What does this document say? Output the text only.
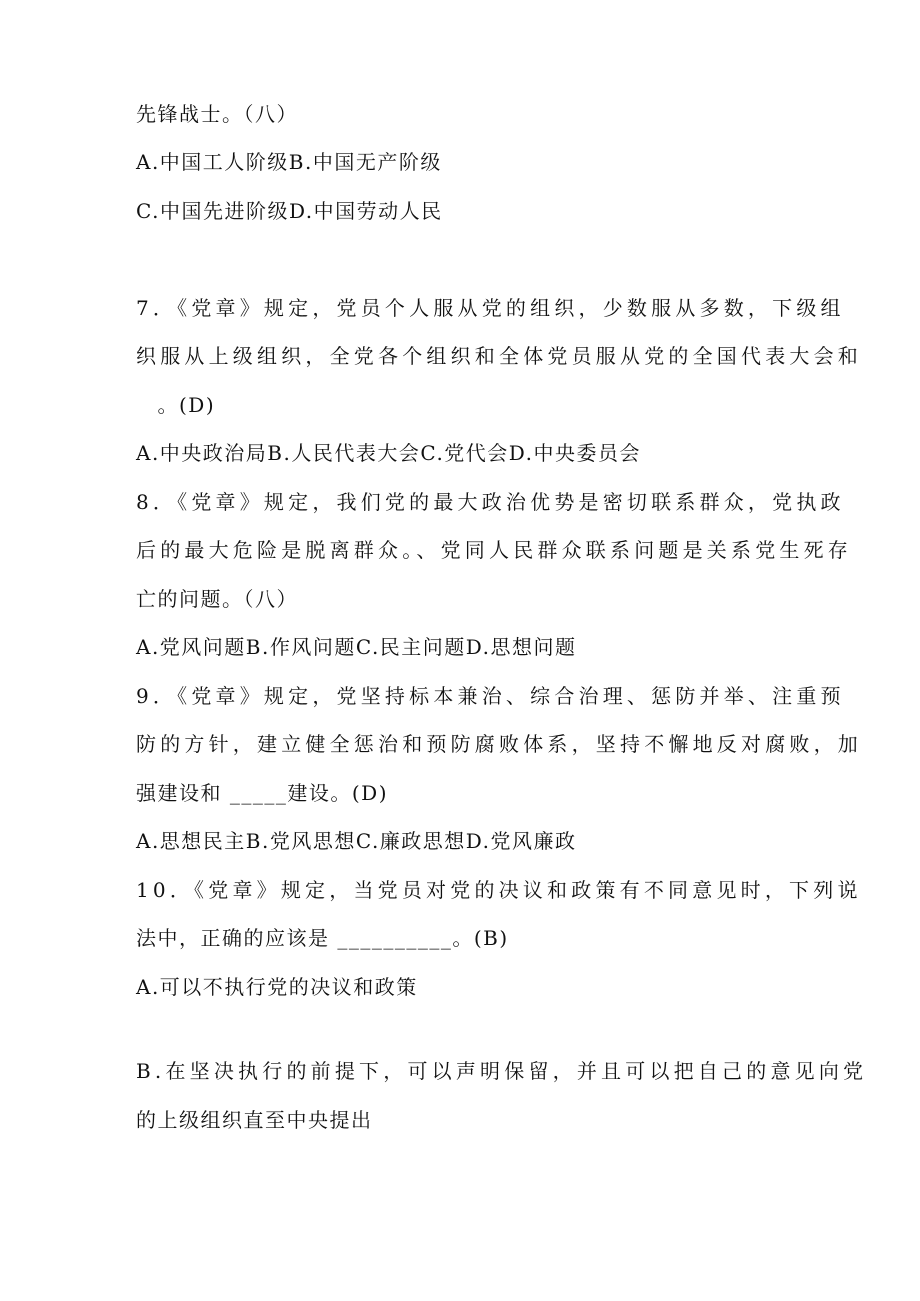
先锋战士。（八）
A.中国工人阶级B.中国无产阶级
C.中国先进阶级D.中国劳动人民
7．《党章》规定，党员个人服从党的组织，少数服从多数，下级组
织服从上级组织，全党各个组织和全体党员服从党的全国代表大会和
　。(D)
A.中央政治局B.人民代表大会C.党代会D.中央委员会
8．《党章》规定，我们党的最大政治优势是密切联系群众，党执政
后的最大危险是脱离群众。、党同人民群众联系问题是关系党生死存
亡的问题。（八）
A.党风问题B.作风问题C.民主问题D.思想问题
9．《党章》规定，党坚持标本兼治、综合治理、惩防并举、注重预
防的方针，建立健全惩治和预防腐败体系，坚持不懈地反对腐败，加
强建设和 _____建设。(D)
A.思想民主B.党风思想C.廉政思想D.党风廉政
10．《党章》规定，当党员对党的决议和政策有不同意见时，下列说
法中，正确的应该是 __________。(B)
A.可以不执行党的决议和政策
B.在坚决执行的前提下，可以声明保留，并且可以把自己的意见向党
的上级组织直至中央提出
